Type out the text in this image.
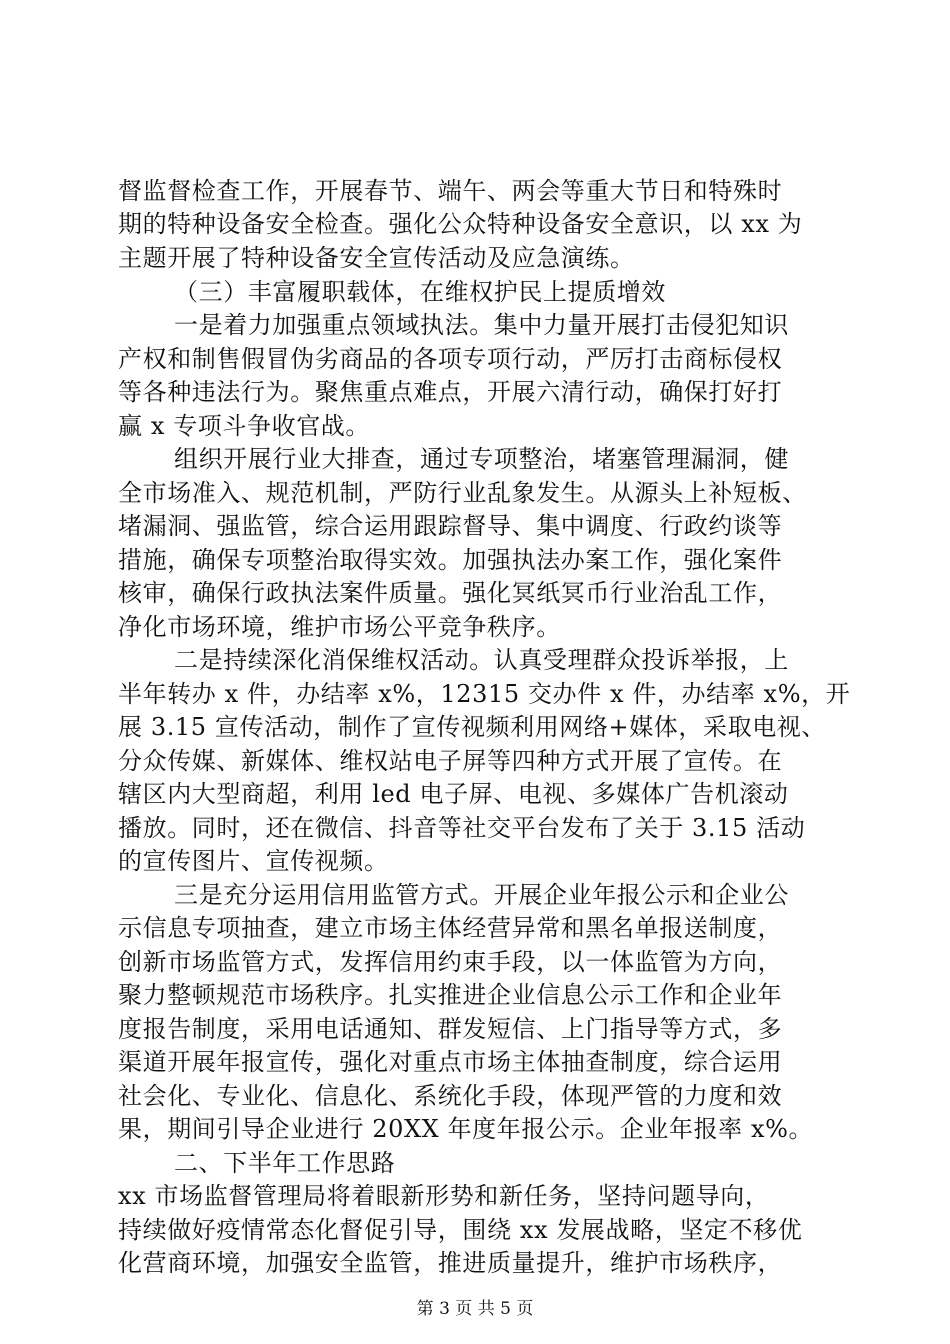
督监督检查工作，开展春节、端午、两会等重大节日和特殊时
期的特种设备安全检查。强化公众特种设备安全意识，以 xx 为
主题开展了特种设备安全宣传活动及应急演练。
（三）丰富履职载体，在维权护民上提质增效
一是着力加强重点领域执法。集中力量开展打击侵犯知识
产权和制售假冒伪劣商品的各项专项行动，严厉打击商标侵权
等各种违法行为。聚焦重点难点，开展六清行动，确保打好打
赢 x 专项斗争收官战。
组织开展行业大排查，通过专项整治，堵塞管理漏洞，健
全市场准入、规范机制，严防行业乱象发生。从源头上补短板、
堵漏洞、强监管，综合运用跟踪督导、集中调度、行政约谈等
措施，确保专项整治取得实效。加强执法办案工作，强化案件
核审，确保行政执法案件质量。强化冥纸冥币行业治乱工作，
净化市场环境，维护市场公平竞争秩序。
二是持续深化消保维权活动。认真受理群众投诉举报，上
半年转办 x 件，办结率 x%，12315 交办件 x 件，办结率 x%，开
展 3.15 宣传活动，制作了宣传视频利用网络+媒体，采取电视、
分众传媒、新媒体、维权站电子屏等四种方式开展了宣传。在
辖区内大型商超，利用 led 电子屏、电视、多媒体广告机滚动
播放。同时，还在微信、抖音等社交平台发布了关于 3.15 活动
的宣传图片、宣传视频。
三是充分运用信用监管方式。开展企业年报公示和企业公
示信息专项抽查，建立市场主体经营异常和黑名单报送制度，
创新市场监管方式，发挥信用约束手段，以一体监管为方向，
聚力整顿规范市场秩序。扎实推进企业信息公示工作和企业年
度报告制度，采用电话通知、群发短信、上门指导等方式，多
渠道开展年报宣传，强化对重点市场主体抽查制度，综合运用
社会化、专业化、信息化、系统化手段，体现严管的力度和效
果，期间引导企业进行 20XX 年度年报公示。企业年报率 x%。
二、下半年工作思路
xx 市场监督管理局将着眼新形势和新任务，坚持问题导向，
持续做好疫情常态化督促引导，围绕 xx 发展战略，坚定不移优
化营商环境，加强安全监管，推进质量提升，维护市场秩序，
第 3 页 共 5 页
